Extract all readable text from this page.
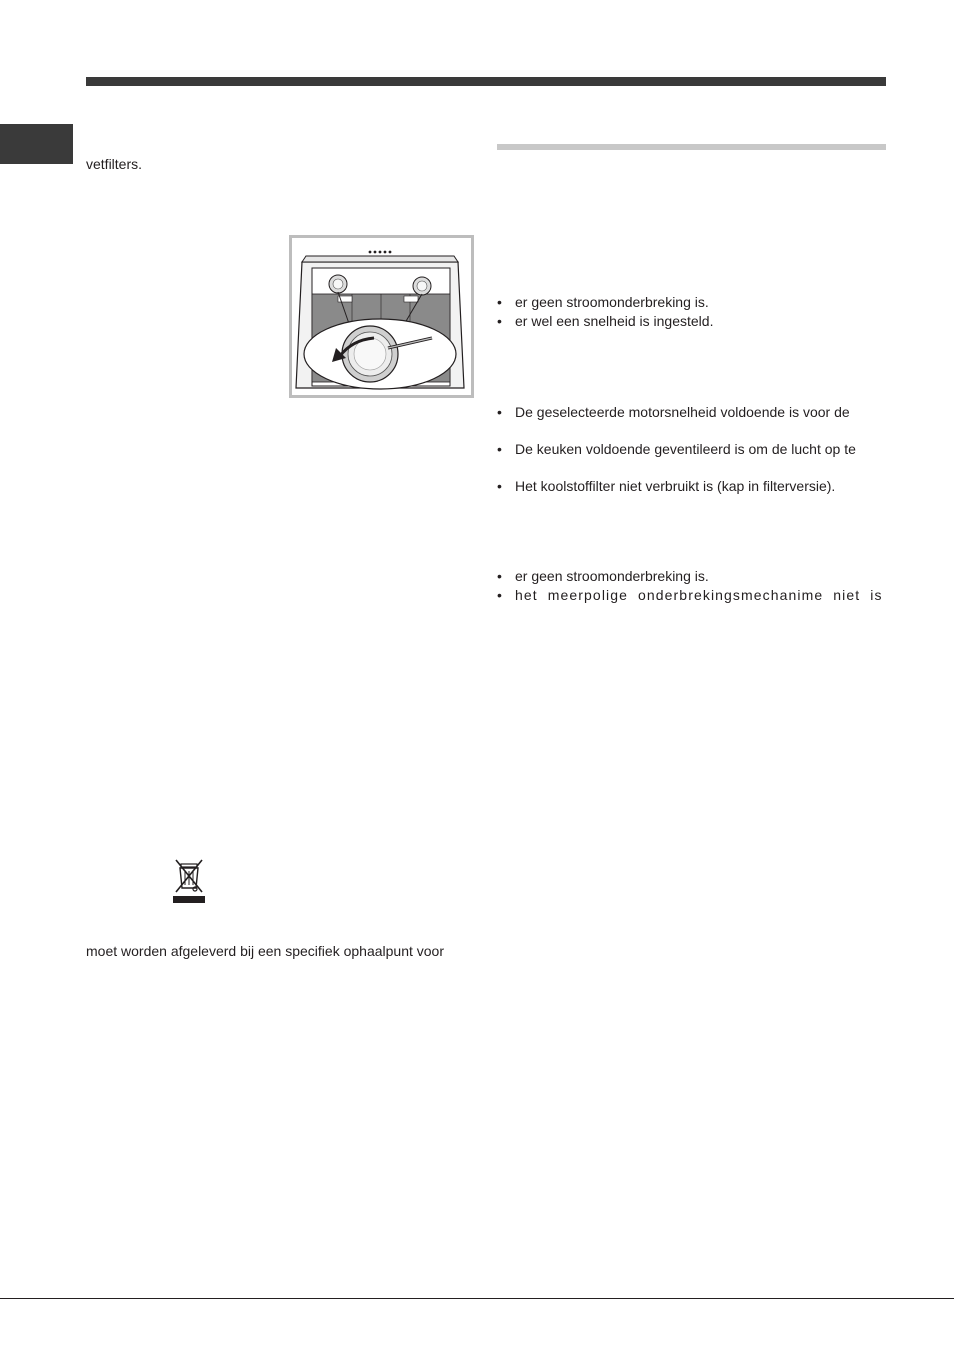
vetfilters.
moet worden afgeleverd bij een specifiek ophaalpunt voor
• er geen stroomonderbreking is.
• er wel een snelheid is ingesteld.
• De geselecteerde motorsnelheid voldoende is voor de
• De keuken voldoende geventileerd is om de lucht op te
• Het koolstoffilter niet verbruikt is (kap in filterversie).
• er geen stroomonderbreking is.
• het meerpolige onderbrekingsmechanime niet is
